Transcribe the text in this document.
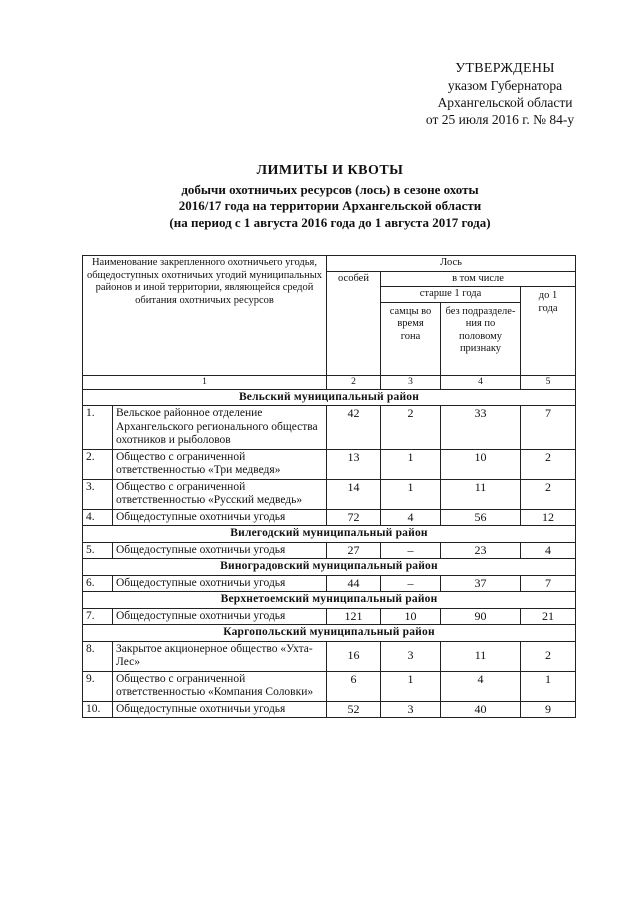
УТВЕРЖДЕНЫ
указом Губернатора
Архангельской области
от 25 июля 2016 г. № 84-у
ЛИМИТЫ И КВОТЫ
добычи охотничьих ресурсов (лось) в сезоне охоты
2016/17 года на территории Архангельской области
(на период с 1 августа 2016 года до 1 августа 2017 года)
Наименование закрепленного охотничьего угодья, общедоступных охотничьих угодий муниципальных районов и иной территории, являющейся средой обитания охотничьих ресурсов		Лось			
		особей	в том числе		
			старше 1 года		до 1 года
			самцы во время гона	без подразделе-ния по половому признаку	
1		2	3	4	5
Вельский муниципальный район					
1.	Вельское районное отделение Архангельского регионального общества охотников и рыболовов	42	2	33	7
2.	Общество с ограниченной ответственностью «Три медведя»	13	1	10	2
3.	Общество с ограниченной ответственностью «Русский медведь»	14	1	11	2
4.	Общедоступные охотничьи угодья	72	4	56	12
Вилегодский муниципальный район					
5.	Общедоступные охотничьи угодья	27	–	23	4
Виноградовский муниципальный район					
6.	Общедоступные охотничьи угодья	44	–	37	7
Верхнетоемский муниципальный район					
7.	Общедоступные охотничьи угодья	121	10	90	21
Каргопольский муниципальный район					
8.	Закрытое акционерное общество «Ухта-Лес»	16	3	11	2
9.	Общество с ограниченной ответственностью «Компания Соловки»	6	1	4	1
10.	Общедоступные охотничьи угодья	52	3	40	9
